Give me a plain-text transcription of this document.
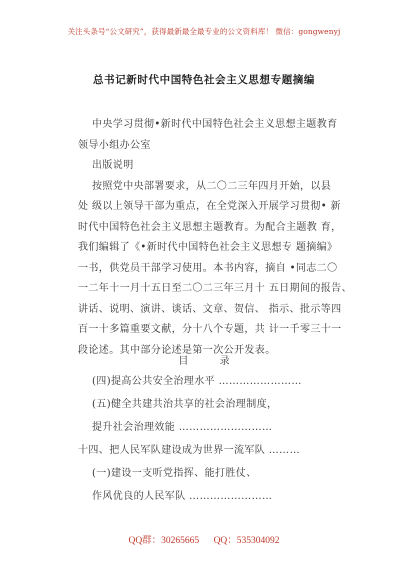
关注头条号“公文研究”，获得最新最全最专业的公文资料库！ 微信：gongwenyj
总书记新时代中国特色社会主义思想专题摘编
中央学习贯彻•新时代中国特色社会主义思想主题教育
领导小组办公室
出版说明
按照党中央部署要求，从二〇二三年四月开始，以县
处 级以上领导干部为重点，在全党深入开展学习贯彻• 新
时代中国特色社会主义思想主题教育。为配合主题教 育，
我们编辑了《•新时代中国特色社会主义思想专 题摘编》
一书，供党员干部学习使用。本书内容，摘自 •同志二〇
一二年十一月十五日至二〇二三年三月十 五日期间的报告、
讲话、说明、演讲、谈话、文章、贺信、 指示、批示等四
百一十多篇重要文献，分十八个专题，共 计一千零三十一
段论述。其中部分论述是第一次公开发表。
目 录
(四)提高公共安全治理水平 ……………………
(五)健全共建共治共享的社会治理制度，
提升社会治理效能 ………………………
十四、把人民军队建设成为世界一流军队 ………
(一)建设一支听党指挥、能打胜仗、
作风优良的人民军队 ……………………
QQ群：30265665 QQ：535304092
